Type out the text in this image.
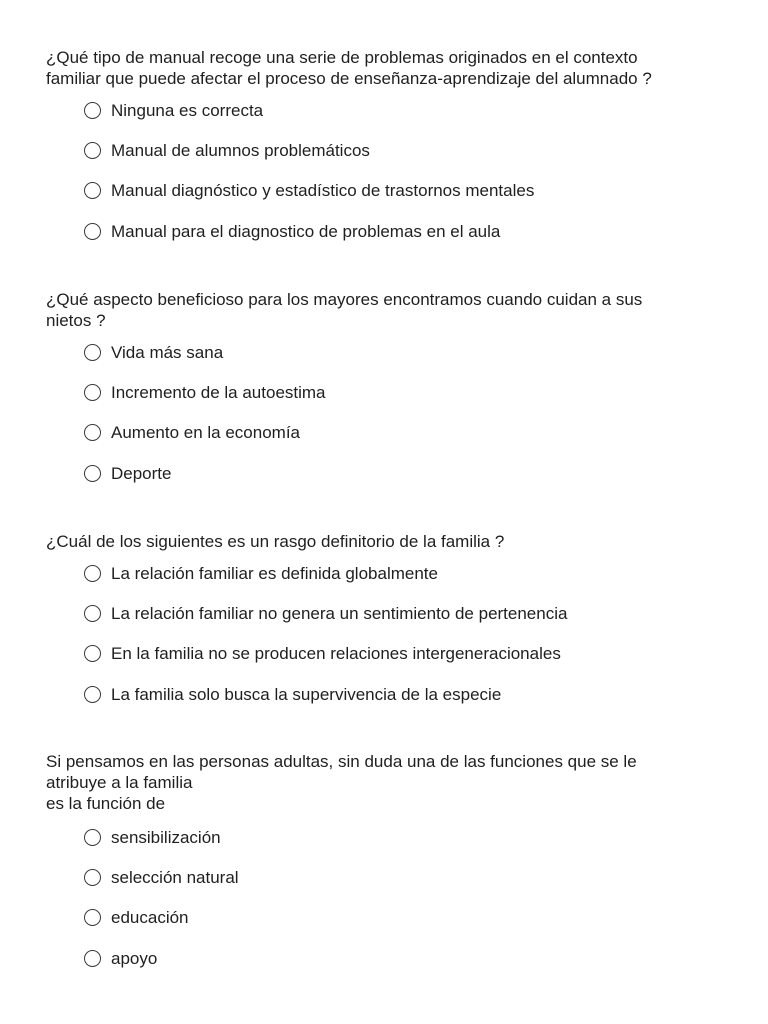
¿Qué tipo de manual recoge una serie de problemas originados en el contexto
familiar que puede afectar el proceso de enseñanza-aprendizaje del alumnado ?

Ninguna es correcta
Manual de alumnos problemáticos
Manual diagnóstico y estadístico de trastornos mentales
Manual para el diagnostico de problemas en el aula

¿Qué aspecto beneficioso para los mayores encontramos cuando cuidan a sus
nietos ?

Vida más sana
Incremento de la autoestima
Aumento en la economía
Deporte

¿Cuál de los siguientes es un rasgo definitorio de la familia ?

La relación familiar es definida globalmente
La relación familiar no genera un sentimiento de pertenencia
En la familia no se producen relaciones intergeneracionales
La familia solo busca la supervivencia de la especie

Si pensamos en las personas adultas, sin duda una de las funciones que se le
atribuye a la familia
es la función de

sensibilización
selección natural
educación
apoyo
